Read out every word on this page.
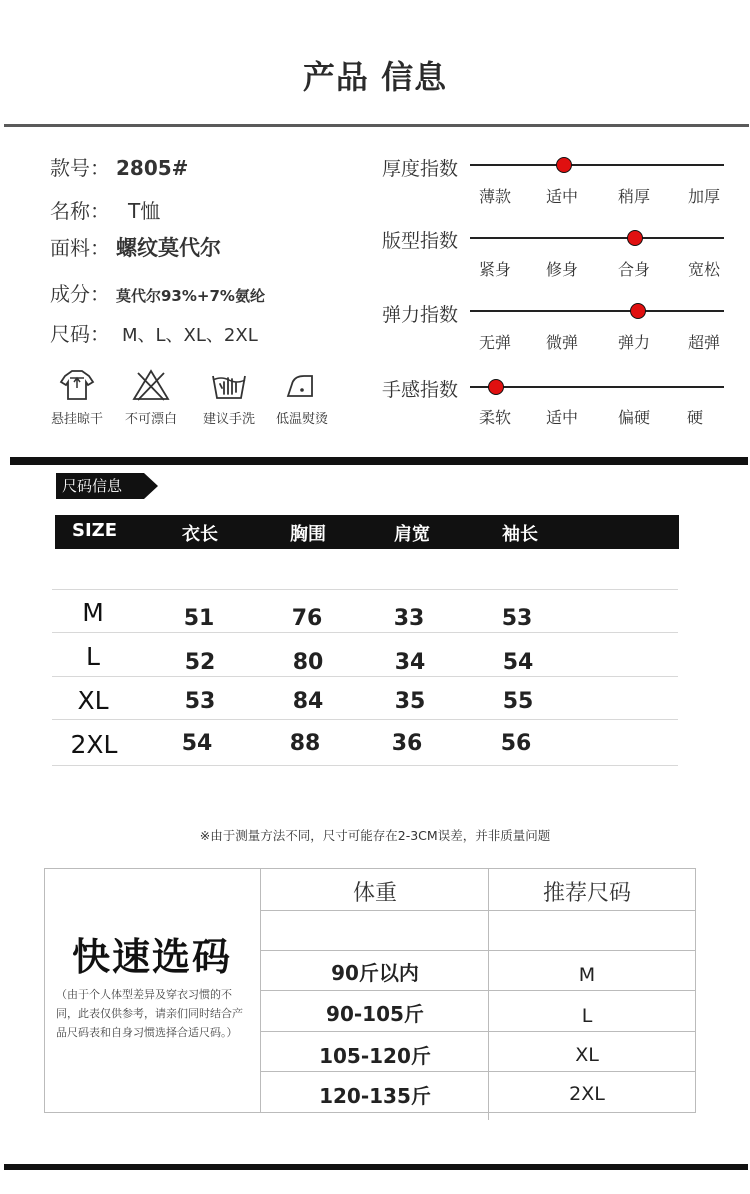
产品 信息
款号： 2805#
名称： T恤
面料： 螺纹莫代尔
成分： 莫代尔93%+7%氨纶
尺码： M、L、XL、2XL
悬挂晾干	不可漂白	建议手洗	低温熨烫
厚度指数
薄款	适中	稍厚	加厚
版型指数
紧身	修身	合身	宽松
弹力指数
无弹	微弹	弹力	超弹
手感指数
柔软	适中	偏硬	硬
尺码信息
SIZE	衣长	胸围	肩宽	袖长
M	51	76	33	53
L	52	80	34	54
XL	53	84	35	55
2XL	54	88	36	56
※由于测量方法不同，尺寸可能存在2-3CM误差，并非质量问题
快速选码
（由于个人体型差异及穿衣习惯的不同，此表仅供参考，请亲们同时结合产品尺码表和自身习惯选择合适尺码。）
体重	推荐尺码
90斤以内	M
90-105斤	L
105-120斤	XL
120-135斤	2XL
